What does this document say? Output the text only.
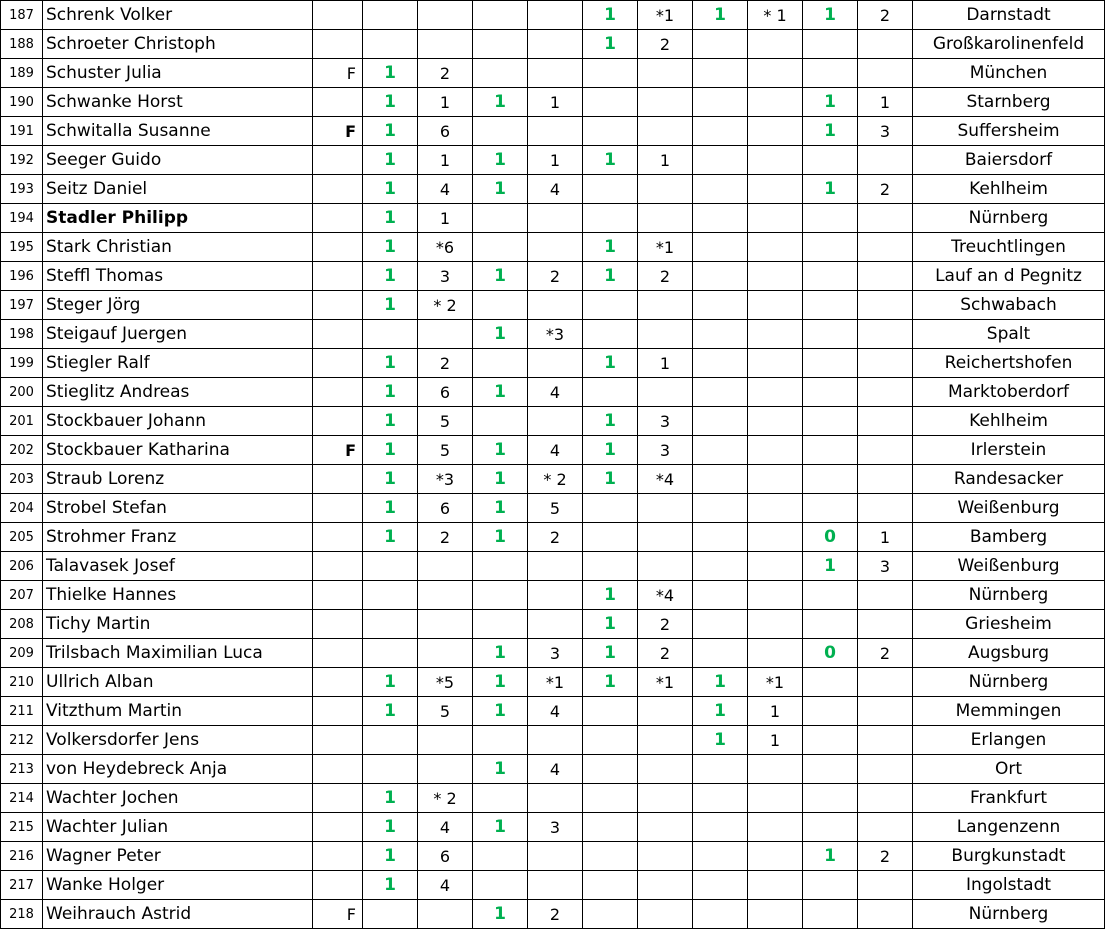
187	Schrenk Volker						1	*1	1	* 1	1	2	Darnstadt
188	Schroeter Christoph						1	2					Großkarolinenfeld
189	Schuster Julia	F	1	2									München
190	Schwanke Horst		1	1	1	1					1	1	Starnberg
191	Schwitalla Susanne	F	1	6							1	3	Suffersheim
192	Seeger Guido		1	1	1	1	1	1					Baiersdorf
193	Seitz Daniel		1	4	1	4					1	2	Kehlheim
194	Stadler Philipp		1	1									Nürnberg
195	Stark Christian		1	*6			1	*1					Treuchtlingen
196	Steffl Thomas		1	3	1	2	1	2					Lauf an d Pegnitz
197	Steger Jörg		1	* 2									Schwabach
198	Steigauf Juergen				1	*3							Spalt
199	Stiegler Ralf		1	2			1	1					Reichertshofen
200	Stieglitz Andreas		1	6	1	4							Marktoberdorf
201	Stockbauer Johann		1	5			1	3					Kehlheim
202	Stockbauer Katharina	F	1	5	1	4	1	3					Irlerstein
203	Straub Lorenz		1	*3	1	* 2	1	*4					Randesacker
204	Strobel Stefan		1	6	1	5							Weißenburg
205	Strohmer Franz		1	2	1	2					0	1	Bamberg
206	Talavasek Josef										1	3	Weißenburg
207	Thielke Hannes						1	*4					Nürnberg
208	Tichy Martin						1	2					Griesheim
209	Trilsbach Maximilian Luca				1	3	1	2			0	2	Augsburg
210	Ullrich Alban		1	*5	1	*1	1	*1	1	*1			Nürnberg
211	Vitzthum Martin		1	5	1	4			1	1			Memmingen
212	Volkersdorfer Jens								1	1			Erlangen
213	von Heydebreck Anja				1	4							Ort
214	Wachter Jochen		1	* 2									Frankfurt
215	Wachter Julian		1	4	1	3							Langenzenn
216	Wagner Peter		1	6							1	2	Burgkunstadt
217	Wanke Holger		1	4									Ingolstadt
218	Weihrauch Astrid	F			1	2							Nürnberg
